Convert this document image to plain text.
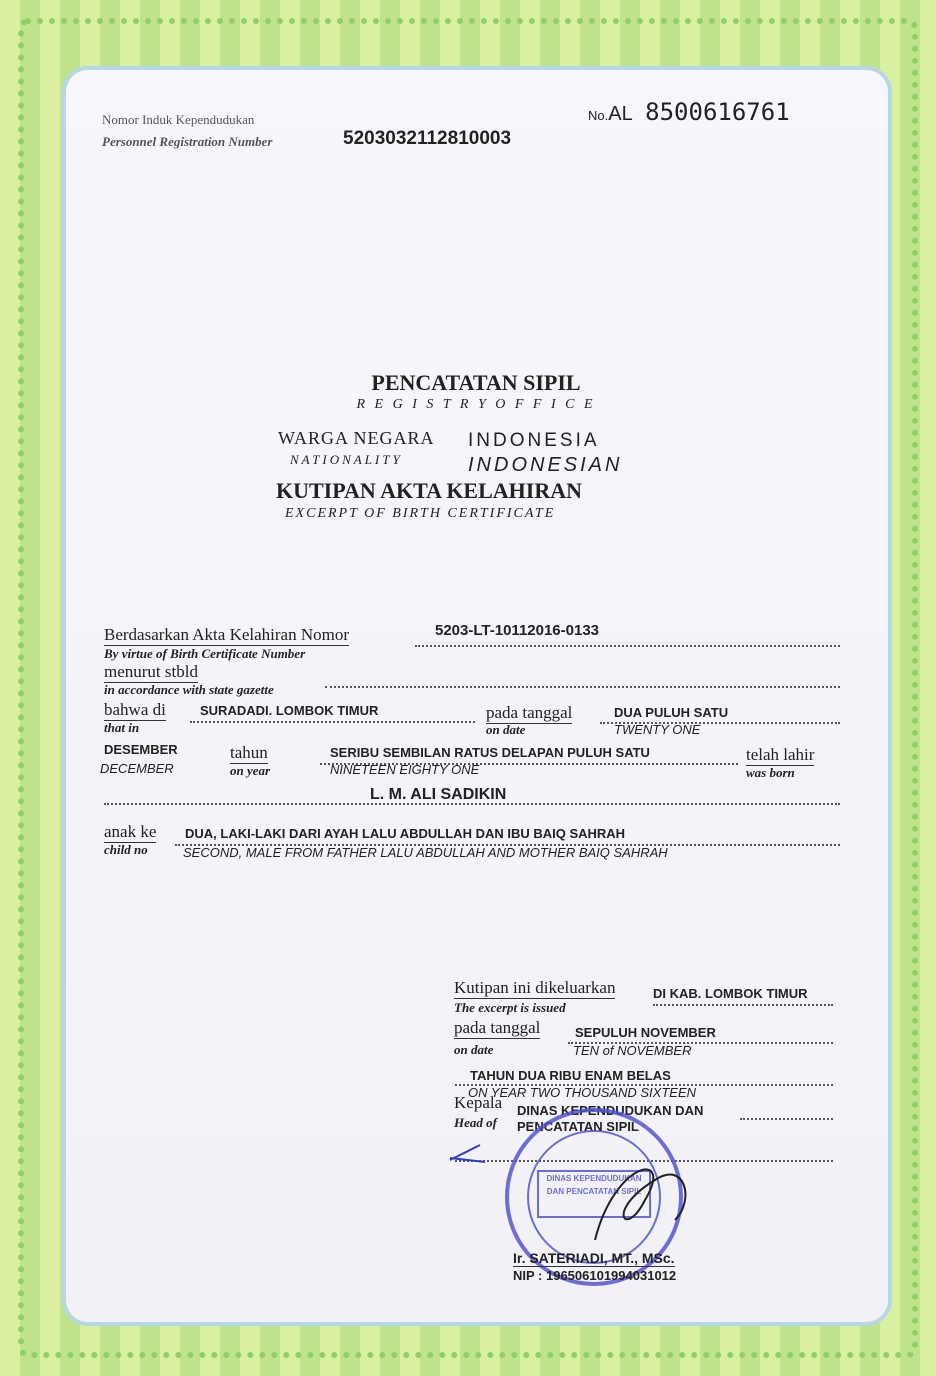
Nomor Induk Kependudukan
Personnel Registration Number	5203032112810003
No.AL 8500616761
PENCATATAN SIPIL
R E G I S T R Y O F F I C E
WARGA NEGARA INDONESIA
NATIONALITY	INDONESIAN
KUTIPAN AKTA KELAHIRAN
EXCERPT OF BIRTH CERTIFICATE
Berdasarkan Akta Kelahiran Nomor
By virtue of Birth Certificate Number
5203-LT-10112016-0133
menurut stbld
in accordance with state gazette
bahwa di
that in
SURADADI. LOMBOK TIMUR	pada tanggal
on date
DUA PULUH SATU
TWENTY ONE
DESEMBER
DECEMBER
tahun
on year
SERIBU SEMBILAN RATUS DELAPAN PULUH SATU
NINETEEN EIGHTY ONE
telah lahir
was born
L. M. ALI SADIKIN
anak ke
child no
DUA, LAKI-LAKI DARI AYAH LALU ABDULLAH DAN IBU BAIQ SAHRAH
SECOND, MALE FROM FATHER LALU ABDULLAH AND MOTHER BAIQ SAHRAH
Kutipan ini dikeluarkan
The excerpt is issued
DI KAB. LOMBOK TIMUR
pada tanggal
on date
SEPULUH NOVEMBER
TEN of NOVEMBER
TAHUN DUA RIBU ENAM BELAS
ON YEAR TWO THOUSAND SIXTEEN
Kepala
Head of
DINAS KEPENDUDUKAN DAN
PENCATATAN SIPIL
DINAS KEPENDUDUKAN DAN PENCATATAN SIPIL
Ir. SATERIADI, MT., MSc.
NIP : 196506101994031012
